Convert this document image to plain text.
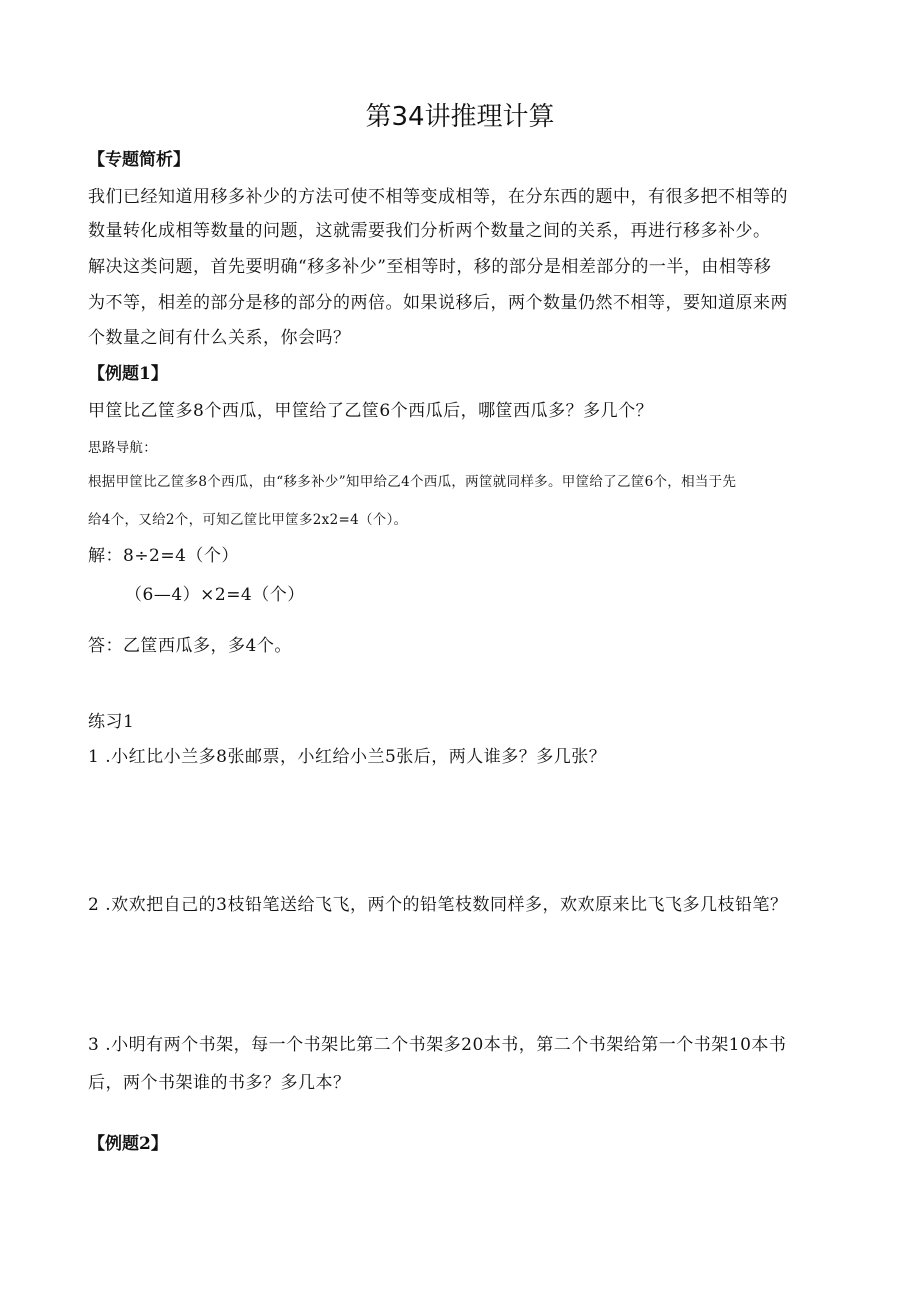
第34讲推理计算
【专题简析】
我们已经知道用移多补少的方法可使不相等变成相等，在分东西的题中，有很多把不相等的
数量转化成相等数量的问题，这就需要我们分析两个数量之间的关系，再进行移多补少。
解决这类问题，首先要明确“移多补少”至相等时，移的部分是相差部分的一半，由相等移
为不等，相差的部分是移的部分的两倍。如果说移后，两个数量仍然不相等，要知道原来两
个数量之间有什么关系，你会吗？
【例题1】
甲筐比乙筐多8个西瓜，甲筐给了乙筐6个西瓜后，哪筐西瓜多？多几个？
思路导航：
根据甲筐比乙筐多8个西瓜，由“移多补少”知甲给乙4个西瓜，两筐就同样多。甲筐给了乙筐6个，相当于先
给4个，又给2个，可知乙筐比甲筐多2x2=4（个）。
解：8÷2=4（个）
（6—4）×2=4（个）
答：乙筐西瓜多，多4个。
练习1
1 .小红比小兰多8张邮票，小红给小兰5张后，两人谁多？多几张？
2 .欢欢把自己的3枝铅笔送给飞飞，两个的铅笔枝数同样多，欢欢原来比飞飞多几枝铅笔？
3 .小明有两个书架，每一个书架比第二个书架多20本书，第二个书架给第一个书架10本书
后，两个书架谁的书多？多几本？
【例题2】
